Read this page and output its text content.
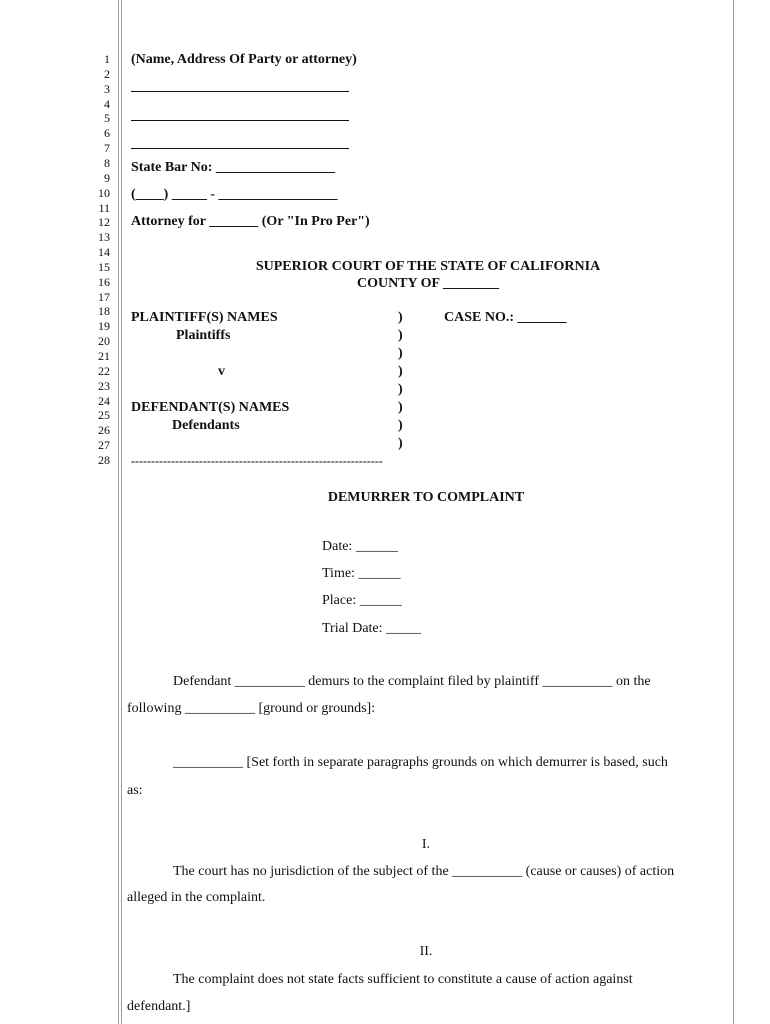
1
2
3
4
5
6
7
8
9
10
11
12
13
14
15
16
17
18
19
20
21
22
23
24
25
26
27
28
(Name, Address Of Party or attorney)
State Bar No: _________________
(____) _____ - _________________
Attorney for _______ (Or "In Pro Per")
SUPERIOR COURT OF THE STATE OF CALIFORNIA
COUNTY OF ________
PLAINTIFF(S) NAMES
Plaintiffs
v
DEFENDANT(S) NAMES
Defendants
CASE NO.: _______
)
)
)
)
)
)
)
)
---------------------------------------------------------------
DEMURRER TO COMPLAINT
Date: ______
Time: ______
Place: ______
Trial Date: _____
Defendant __________ demurs to the complaint filed by plaintiff __________ on the
following __________ [ground or grounds]:
__________ [Set forth in separate paragraphs grounds on which demurrer is based, such
as:
I.
The court has no jurisdiction of the subject of the __________ (cause or causes) of action
alleged in the complaint.
II.
The complaint does not state facts sufficient to constitute a cause of action against
defendant.]
